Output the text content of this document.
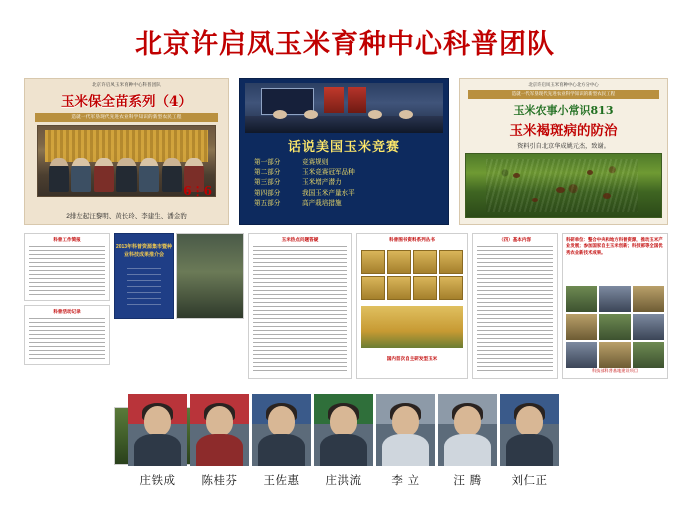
北京许启凤玉米育种中心科普团队
北京许启凤玉米育种中心科普团队
玉米保全苗系列（4）
造就一代军垦现代先进农业科学知识的新型农民工程
6⋮6
2排左起汪黎明、黄长玲、李建生、潘金豹
话说美国玉米竞赛
第一部分	竞赛规则
第二部分	玉米竞赛冠军品种
第三部分	玉米增产潜力
第四部分	我国玉米产量水平
第五部分	高产栽培措施
北京许启凤玉米育种中心北方分中心
造就一代军垦现代先进农业科学知识的新型农民工程
玉米农事小常识813
玉米褐斑病的防治
资料引自北京华成姚元杰，致谢。
科普工作简报
科普活动记录
2013年科普资源集市暨种业科技成果推介会
玉米热点问题答疑	科普图书资料系列丛书
国内首次自主研发型玉米
（四）基本内容	科研单位：整合中央和地方科普资源，推动玉米产业发展；参加国家自主玉米创新；科技部等全国优秀农业新技术成果。
科技部科普基地建设项目
庄铁成	陈桂芬	王佐惠	庄洪流	李 立	汪 腾	刘仁正
